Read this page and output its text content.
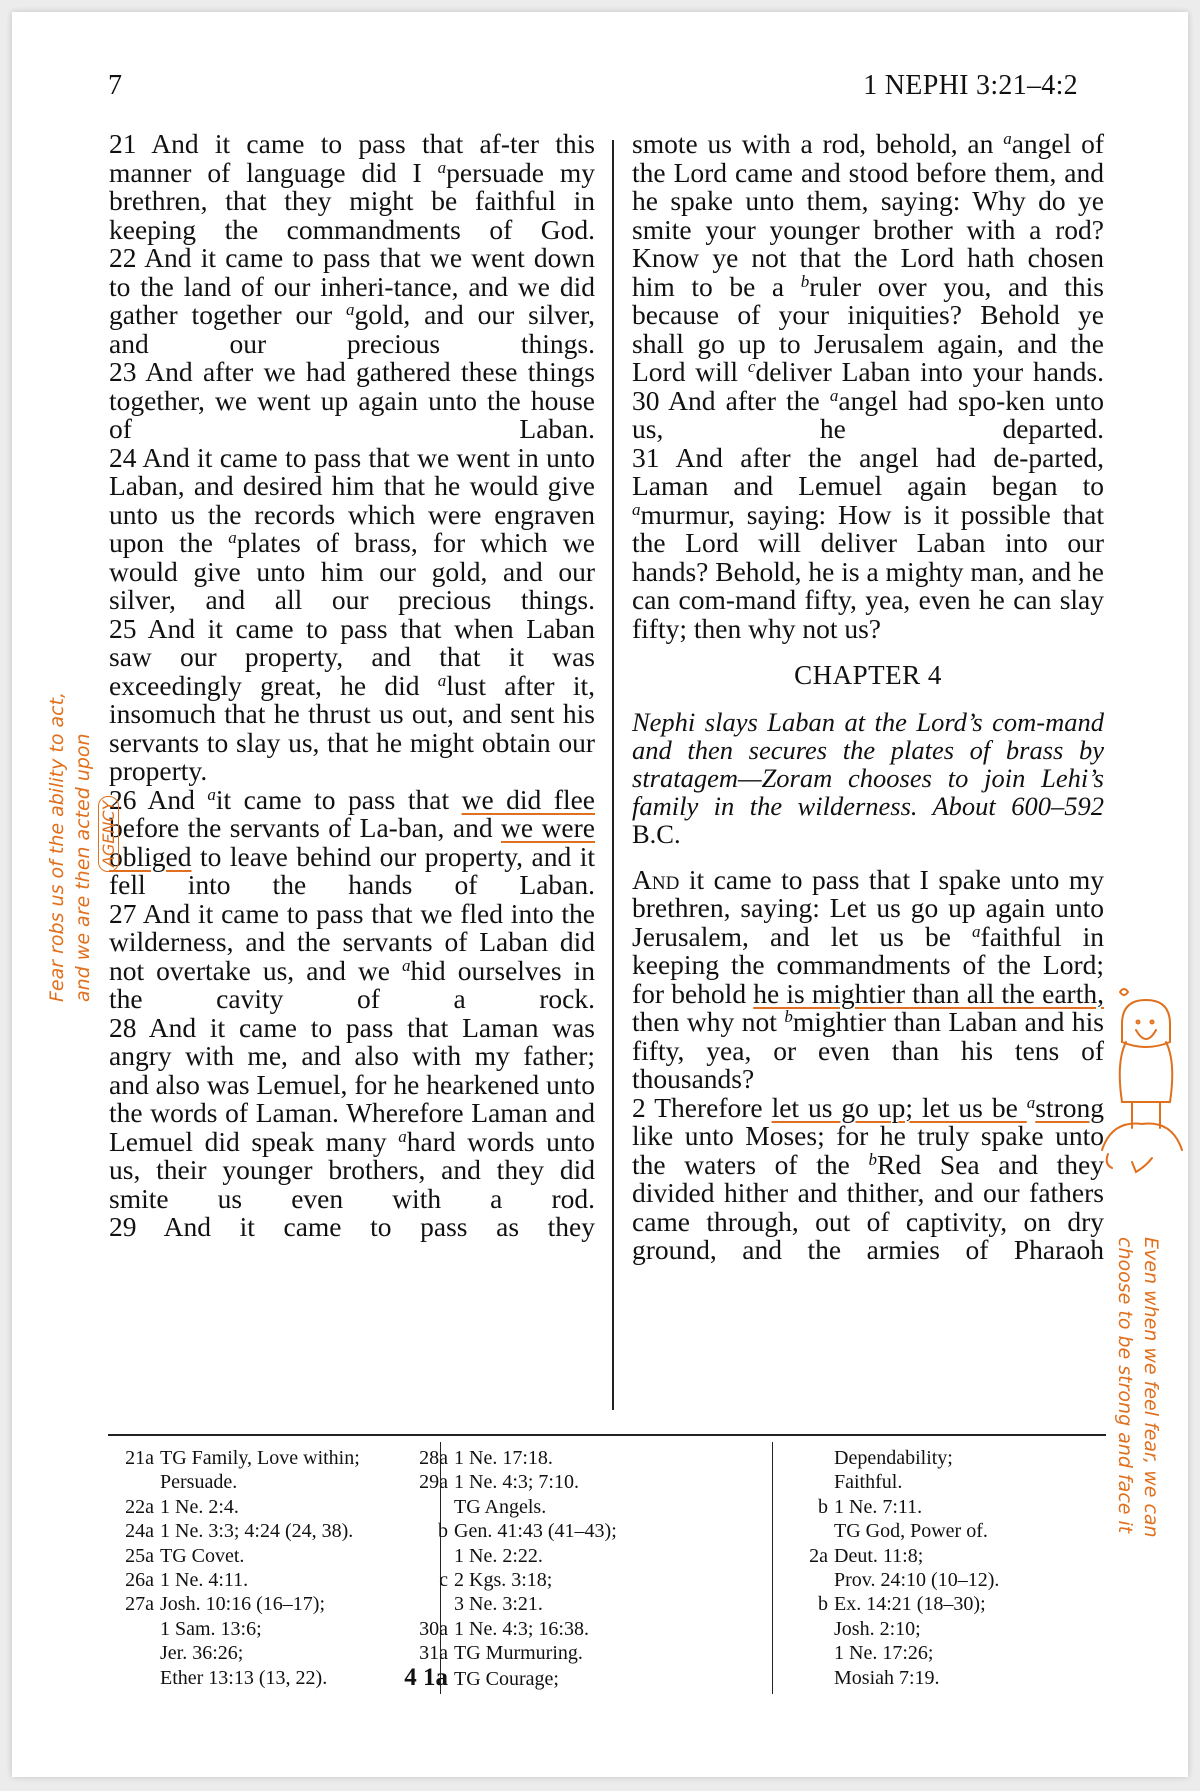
7	1 NEPHI 3:21–4:2

21 And it came to pass that af-ter this manner of language did I $^a$persuade my brethren, that they might be faithful in keeping the commandments of God.

22 And it came to pass that we went down to the land of our inheri-tance, and we did gather together our $^a$gold, and our silver, and our precious things.

23 And after we had gathered these things together, we went up again unto the house of Laban.

24 And it came to pass that we went in unto Laban, and desired him that he would give unto us the records which were engraven upon the $^a$plates of brass, for which we would give unto him our gold, and our silver, and all our precious things.

25 And it came to pass that when Laban saw our property, and that it was exceedingly great, he did $^a$lust after it, insomuch that he thrust us out, and sent his servants to slay us, that he might obtain our property.

26 And $^a$it came to pass that we did flee before the servants of La-ban, and we were obliged to leave behind our property, and it fell into the hands of Laban.

27 And it came to pass that we fled into the wilderness, and the servants of Laban did not overtake us, and we $^a$hid ourselves in the cavity of a rock.

28 And it came to pass that Laman was angry with me, and also with my father; and also was Lemuel, for he hearkened unto the words of Laman. Wherefore Laman and Lemuel did speak many $^a$hard words unto us, their younger brothers, and they did smite us even with a rod.

29 And it came to pass as they

smote us with a rod, behold, an $^a$angel of the Lord came and stood before them, and he spake unto them, saying: Why do ye smite your younger brother with a rod? Know ye not that the Lord hath chosen him to be a $^b$ruler over you, and this because of your iniquities? Behold ye shall go up to Jerusalem again, and the Lord will $^c$deliver Laban into your hands.

30 And after the $^a$angel had spo-ken unto us, he departed.

31 And after the angel had de-parted, Laman and Lemuel again began to $^a$murmur, saying: How is it possible that the Lord will deliver Laban into our hands? Behold, he is a mighty man, and he can com-mand fifty, yea, even he can slay fifty; then why not us?

CHAPTER 4
Nephi slays Laban at the Lord’s com-mand and then secures the plates of brass by stratagem—Zoram chooses to join Lehi’s family in the wilderness. About 600–592 B.C.

And it came to pass that I spake unto my brethren, saying: Let us go up again unto Jerusalem, and let us be $^a$faithful in keeping the commandments of the Lord; for behold he is mightier than all the earth, then why not $^b$mightier than Laban and his fifty, yea, or even than his tens of thousands?

2 Therefore let us go up; let us be $^a$strong like unto Moses; for he truly spake unto the waters of the $^b$Red Sea and they divided hither and thither, and our fathers came through, out of captivity, on dry ground, and the armies of Pharaoh

21a TG Family, Love within;
Persuade.
22a 1 Ne. 2:4.
24a 1 Ne. 3:3; 4:24 (24, 38).
25a TG Covet.
26a 1 Ne. 4:11.
27a Josh. 10:16 (16–17);
1 Sam. 13:6;
Jer. 36:26;
Ether 13:13 (13, 22).
28a 1 Ne. 17:18.
29a 1 Ne. 4:3; 7:10.
TG Angels.
b Gen. 41:43 (41–43);
1 Ne. 2:22.
c 2 Kgs. 3:18;
3 Ne. 3:21.
30a 1 Ne. 4:3; 16:38.
31a TG Murmuring.
4 1a TG Courage;
Dependability;
Faithful.
b 1 Ne. 7:11.
TG God, Power of.
2a Deut. 11:8;
Prov. 24:10 (10–12).
b Ex. 14:21 (18–30);
Josh. 2:10;
1 Ne. 17:26;
Mosiah 7:19.
Fear robs us of the ability to act, and we are then acted upon AGENCY
Even when we feel fear, we can
choose to be strong and face it
